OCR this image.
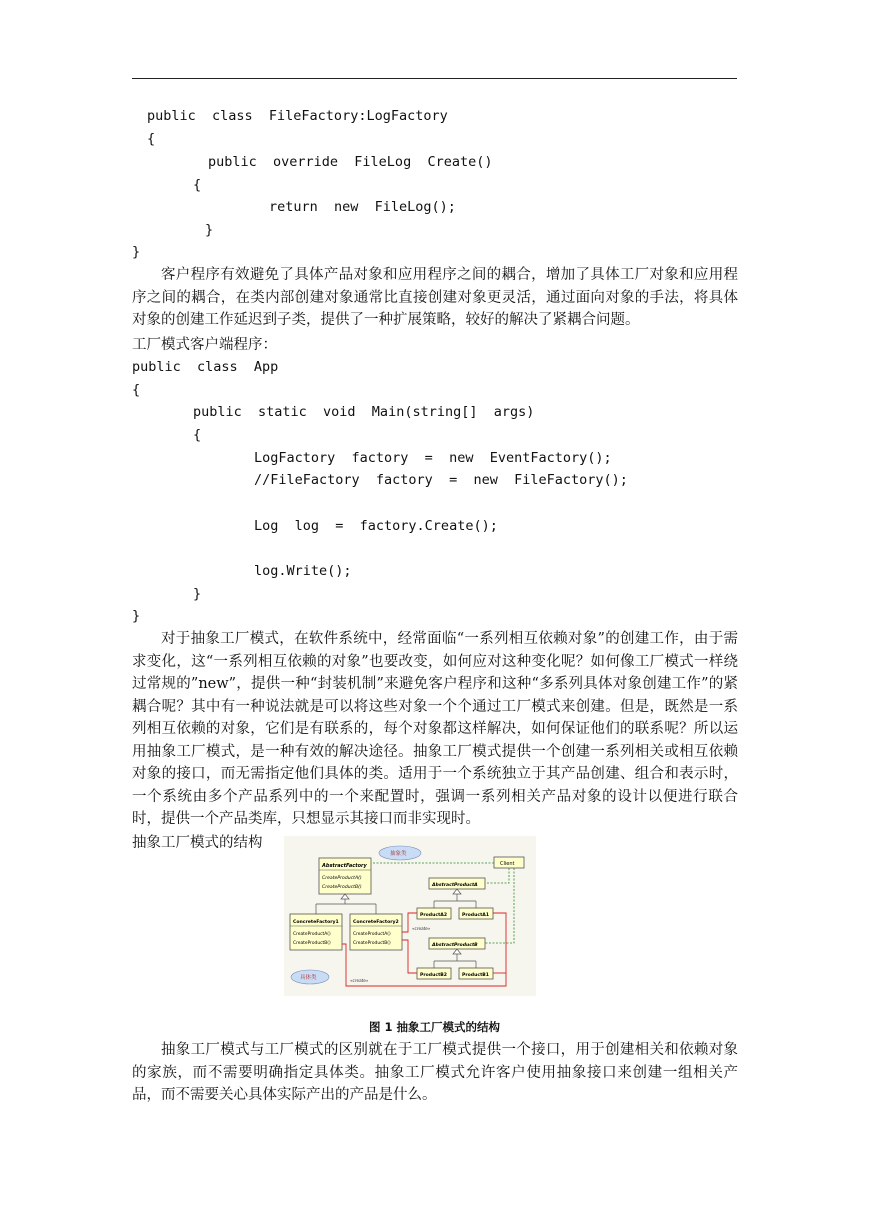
public  class  FileFactory:LogFactory
{
public  override  FileLog  Create()
{
return  new  FileLog();
}
}
客户程序有效避免了具体产品对象和应用程序之间的耦合，增加了具体工厂对象和应用程序之间的耦合，在类内部创建对象通常比直接创建对象更灵活，通过面向对象的手法，将具体对象的创建工作延迟到子类，提供了一种扩展策略，较好的解决了紧耦合问题。
工厂模式客户端程序：
public  class  App
{
public  static  void  Main(string[]  args)
{
LogFactory  factory  =  new  EventFactory();
//FileFactory  factory  =  new  FileFactory();
Log  log  =  factory.Create();
log.Write();
}
}
对于抽象工厂模式，在软件系统中，经常面临“一系列相互依赖对象”的创建工作，由于需求变化，这“一系列相互依赖的对象”也要改变，如何应对这种变化呢？如何像工厂模式一样绕过常规的”new”，提供一种“封装机制”来避免客户程序和这种“多系列具体对象创建工作”的紧耦合呢？其中有一种说法就是可以将这些对象一个个通过工厂模式来创建。但是，既然是一系列相互依赖的对象，它们是有联系的，每个对象都这样解决，如何保证他们的联系呢？所以运用抽象工厂模式，是一种有效的解决途径。抽象工厂模式提供一个创建一系列相关或相互依赖对象的接口，而无需指定他们具体的类。适用于一个系统独立于其产品创建、组合和表示时，一个系统由多个产品系列中的一个来配置时，强调一系列相关产品对象的设计以便进行联合时，提供一个产品类库，只想显示其接口而非实现时。
抽象工厂模式的结构
AbstractFactory
CreateProductA()
CreateProductB()
抽象类
Client
ConcreteFactory1
CreateProductA()
CreateProductB()
ConcreteFactory2
CreateProductA()
CreateProductB()
AbstractProductA
ProductA2	ProductA1
AbstractProductB
ProductB2	ProductB1
«create»
«create»
具体类
图 1 抽象工厂模式的结构
抽象工厂模式与工厂模式的区别就在于工厂模式提供一个接口，用于创建相关和依赖对象的家族，而不需要明确指定具体类。抽象工厂模式允许客户使用抽象接口来创建一组相关产品，而不需要关心具体实际产出的产品是什么。
